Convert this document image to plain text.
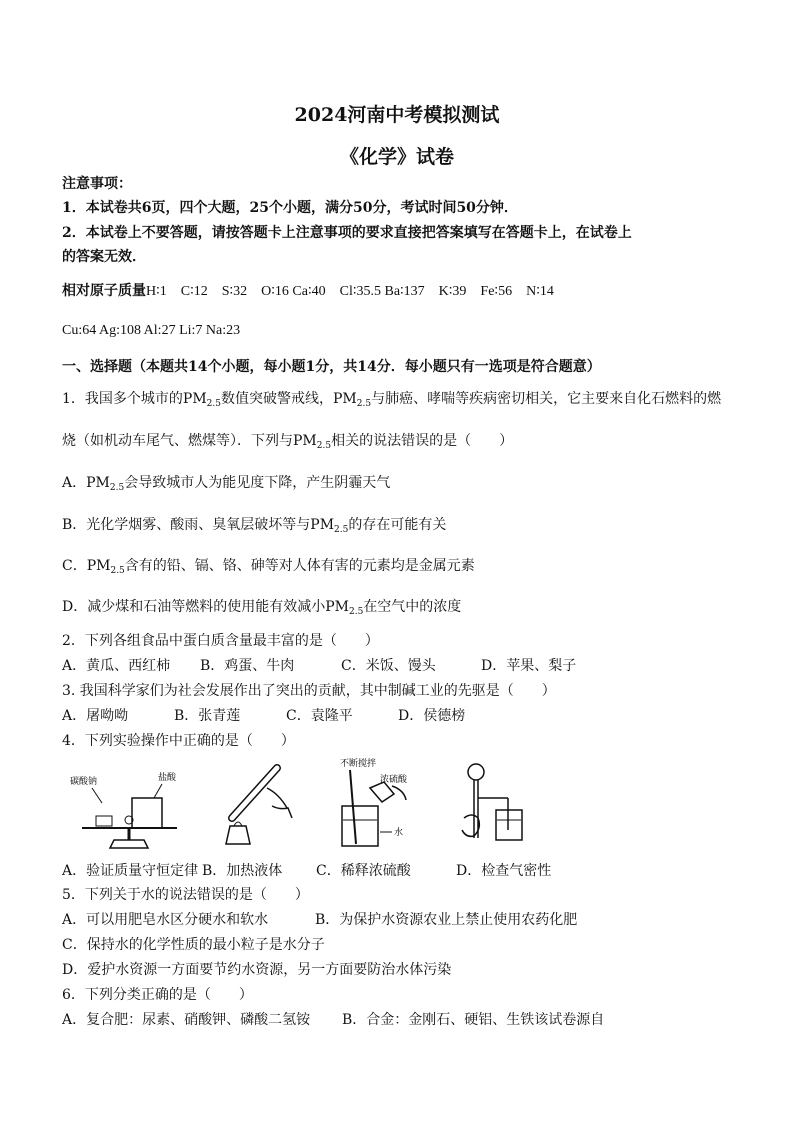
2024河南中考模拟测试
《化学》试卷
注意事项：
1．本试卷共6页，四个大题，25个小题，满分50分，考试时间50分钟．
2．本试卷上不要答题，请按答题卡上注意事项的要求直接把答案填写在答题卡上，在试卷上
的答案无效．
相对原子质量H∶1　C∶12　S∶32　O∶16 Ca∶40　Cl∶35.5 Ba∶137　K∶39　Fe∶56　N∶14
Cu:64 Ag:108 Al:27 Li:7 Na:23
一、选择题（本题共14个小题，每小题1分，共14分．每小题只有一选项是符合题意）
1．我国多个城市的$PM_{2.5}$数值突破警戒线，$PM_{2.5}$与肺癌、哮喘等疾病密切相关，它主要来自化石燃料的燃
烧（如机动车尾气、燃煤等）．下列与$PM_{2.5}$相关的说法错误的是（　　）
A．$PM_{2.5}$会导致城市人为能见度下降，产生阴霾天气
B．光化学烟雾、酸雨、臭氧层破坏等与$PM_{2.5}$的存在可能有关
C．$PM_{2.5}$含有的铅、镉、铬、砷等对人体有害的元素均是金属元素
D．减少煤和石油等燃料的使用能有效减小$PM_{2.5}$在空气中的浓度
2．下列各组食品中蛋白质含量最丰富的是（　　）
A．黄瓜、西红柿 B．鸡蛋、牛肉	C．米饭、馒头	D．苹果、梨子
3. 我国科学家们为社会发展作出了突出的贡献，其中制碱工业的先驱是（　　）
A．屠呦呦	B．张青莲	C．袁隆平	D．侯德榜
4．下列实验操作中正确的是（　　）
碳酸钠	盐酸
不断搅拌
浓硫酸
水
A．验证质量守恒定律 B．加热液体 C．稀释浓硫酸	D．检查气密性
5．下列关于水的说法错误的是（　　）
A．可以用肥皂水区分硬水和软水	B．为保护水资源农业上禁止使用农药化肥
C．保持水的化学性质的最小粒子是水分子
D．爱护水资源一方面要节约水资源，另一方面要防治水体污染
6．下列分类正确的是（　　）
A．复合肥：尿素、硝酸钾、磷酸二氢铵 B．合金：金刚石、硬铝、生铁该试卷源自
